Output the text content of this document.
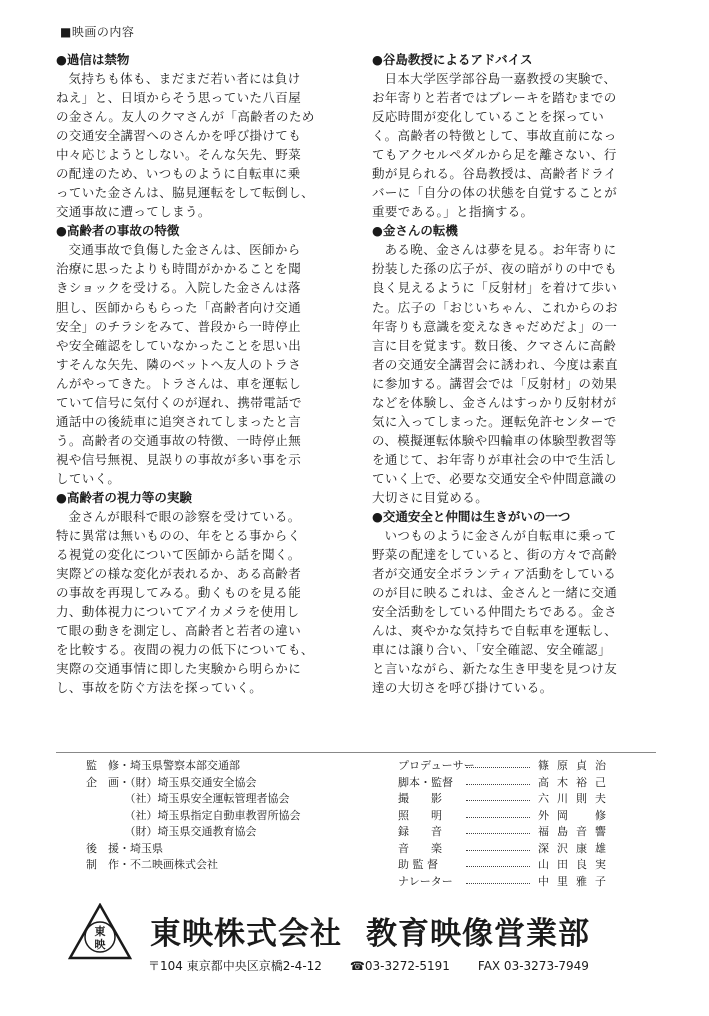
■映画の内容
●過信は禁物

気持ちも体も、まだまだ若い者には負け
ねえ」と、日頃からそう思っていた八百屋
の金さん。友人のクマさんが「高齢者のため
の交通安全講習へのさんかを呼び掛けても
中々応じようとしない。そんな矢先、野菜
の配達のため、いつものように自転車に乗
っていた金さんは、脇見運転をして転倒し、
交通事故に遭ってしまう。

●高齢者の事故の特徴

交通事故で負傷した金さんは、医師から
治療に思ったよりも時間がかかることを聞
きショックを受ける。入院した金さんは落
胆し、医師からもらった「高齢者向け交通
安全」のチラシをみて、普段から一時停止
や安全確認をしていなかったことを思い出
すそんな矢先、隣のベットへ友人のトラさ
んがやってきた。トラさんは、車を運転し
ていて信号に気付くのが遅れ、携帯電話で
通話中の後続車に追突されてしまったと言
う。高齢者の交通事故の特徴、一時停止無
視や信号無視、見誤りの事故が多い事を示
していく。

●高齢者の視力等の実験

金さんが眼科で眼の診察を受けている。
特に異常は無いものの、年をとる事からく
る視覚の変化について医師から話を聞く。
実際どの様な変化が表れるか、ある高齢者
の事故を再現してみる。動くものを見る能
力、動体視力についてアイカメラを使用し
て眼の動きを測定し、高齢者と若者の違い
を比較する。夜間の視力の低下についても、
実際の交通事情に即した実験から明らかに
し、事故を防ぐ方法を探っていく。

●谷島教授によるアドバイス

日本大学医学部谷島一嘉教授の実験で、
お年寄りと若者ではブレーキを踏むまでの
反応時間が変化していることを探ってい
く。高齢者の特徴として、事故直前になっ
てもアクセルペダルから足を離さない、行
動が見られる。谷島教授は、高齢者ドライ
バーに「自分の体の状態を自覚することが
重要である。」と指摘する。

●金さんの転機

ある晩、金さんは夢を見る。お年寄りに
扮装した孫の広子が、夜の暗がりの中でも
良く見えるように「反射材」を着けて歩い
た。広子の「おじいちゃん、これからのお
年寄りも意識を変えなきゃだめだよ」の一
言に目を覚ます。数日後、クマさんに高齢
者の交通安全講習会に誘われ、今度は素直
に参加する。講習会では「反射材」の効果
などを体験し、金さんはすっかり反射材が
気に入ってしまった。運転免許センターで
の、模擬運転体験や四輪車の体験型教習等
を通じて、お年寄りが車社会の中で生活し
ていく上で、必要な交通安全や仲間意識の
大切さに目覚める。

●交通安全と仲間は生きがいの一つ

いつものように金さんが自転車に乗って
野菜の配達をしていると、街の方々で高齢
者が交通安全ボランティア活動をしている
のが目に映るこれは、金さんと一緒に交通
安全活動をしている仲間たちである。金さ
んは、爽やかな気持ちで自転車を運転し、
車には譲り合い、「安全確認、安全確認」
と言いながら、新たな生き甲斐を見つけ友
達の大切さを呼び掛けている。

監　修・埼玉県警察本部交通部
企　画・（財）埼玉県交通安全協会
　　　　（社）埼玉県安全運転管理者協会
　　　　（社）埼玉県指定自動車教習所協会
　　　　（財）埼玉県交通教育協会
後　援・埼玉県
制　作・不二映画株式会社
プロデューサー	篠原貞治
脚本・監督	高木裕己
撮　　影	六川則夫
照　　明	外岡　修
録　　音	福島音響
音　　楽	深沢康雄
助 監 督	山田良実
ナレーター	中里雅子
東
映 東映株式会社 教育映像営業部
〒104 東京都中央区京橋2-4-12 ☎03-3272-5191 FAX 03-3273-7949
